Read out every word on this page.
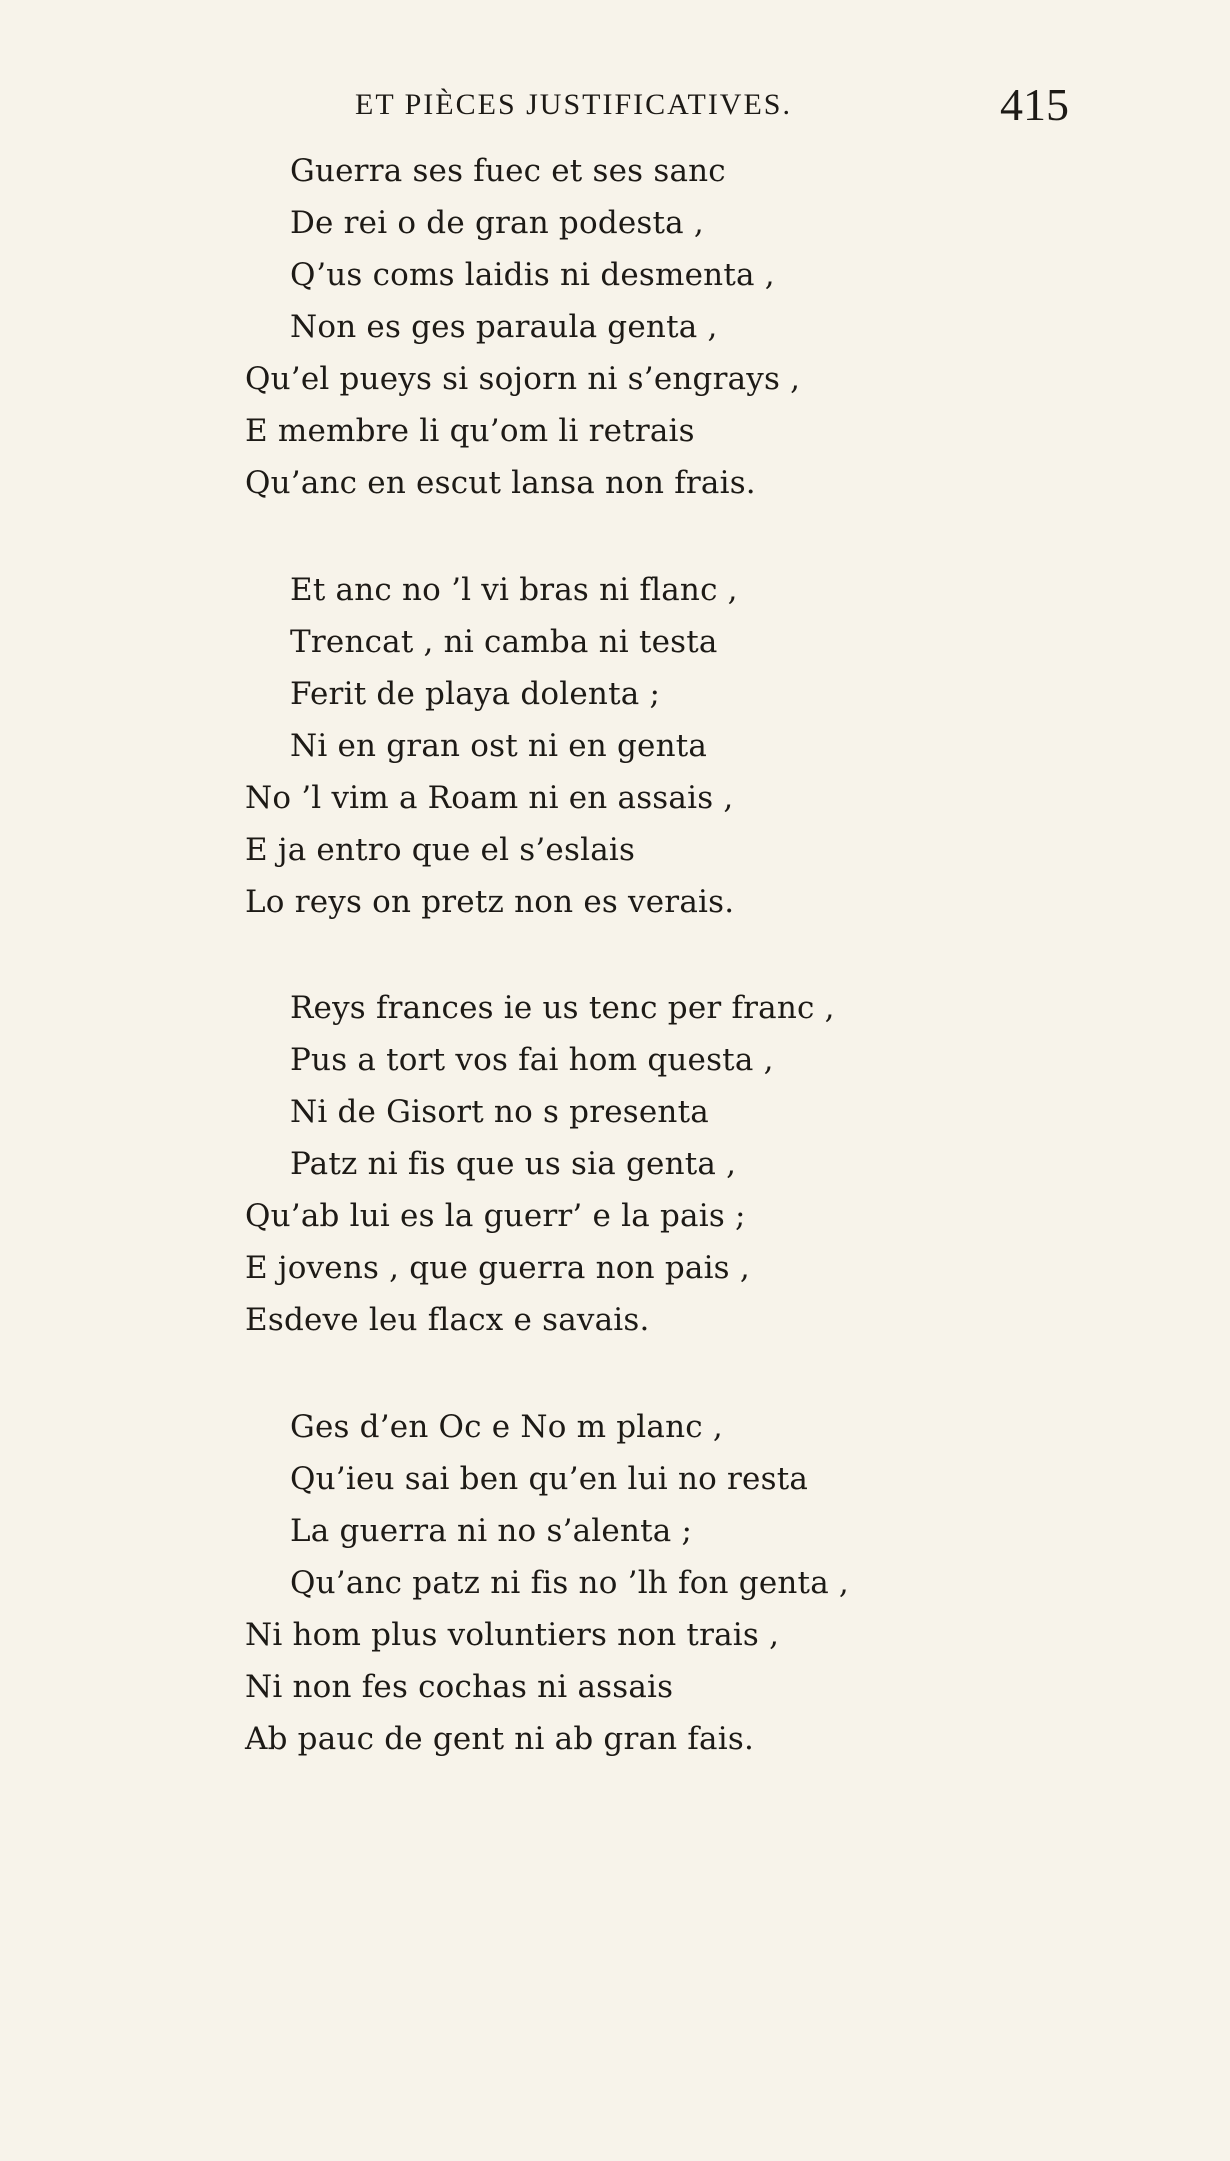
ET PIÈCES JUSTIFICATIVES.	415
Guerra ses fuec et ses sanc
De rei o de gran podesta ,
Q’us coms laidis ni desmenta ,
Non es ges paraula genta ,
Qu’el pueys si sojorn ni s’engrays ,
E membre li qu’om li retrais
Qu’anc en escut lansa non frais.
Et anc no ’l vi bras ni flanc ,
Trencat , ni camba ni testa
Ferit de playa dolenta ;
Ni en gran ost ni en genta
No ’l vim a Roam ni en assais ,
E ja entro que el s’eslais
Lo reys on pretz non es verais.
Reys frances ie us tenc per franc ,
Pus a tort vos fai hom questa ,
Ni de Gisort no s presenta
Patz ni fis que us sia genta ,
Qu’ab lui es la guerr’ e la pais ;
E jovens , que guerra non pais ,
Esdeve leu flacx e savais.
Ges d’en Oc e No m planc ,
Qu’ieu sai ben qu’en lui no resta
La guerra ni no s’alenta ;
Qu’anc patz ni fis no ’lh fon genta ,
Ni hom plus voluntiers non trais ,
Ni non fes cochas ni assais
Ab pauc de gent ni ab gran fais.
